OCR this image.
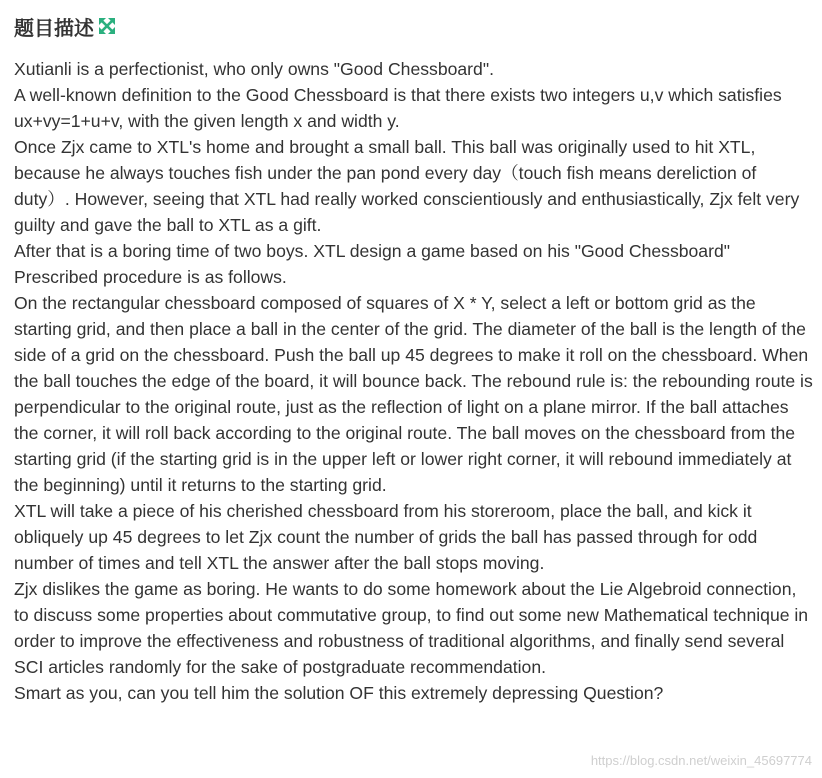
题目描述

Xutianli is a perfectionist, who only owns "Good Chessboard".

A well-known definition to the Good Chessboard is that there exists two integers u,v which satisfies ux+vy=1+u+v, with the given length x and width y.

Once Zjx came to XTL's home and brought a small ball. This ball was originally used to hit XTL, because he always touches fish under the pan pond every day（touch fish means dereliction of duty）. However, seeing that XTL had really worked conscientiously and enthusiastically, Zjx felt very guilty and gave the ball to XTL as a gift.

After that is a boring time of two boys. XTL design a game based on his "Good Chessboard" Prescribed procedure is as follows.

On the rectangular chessboard composed of squares of X * Y, select a left or bottom grid as the starting grid, and then place a ball in the center of the grid. The diameter of the ball is the length of the side of a grid on the chessboard. Push the ball up 45 degrees to make it roll on the chessboard. When the ball touches the edge of the board, it will bounce back. The rebound rule is: the rebounding route is perpendicular to the original route, just as the reflection of light on a plane mirror. If the ball attaches the corner, it will roll back according to the original route. The ball moves on the chessboard from the starting grid (if the starting grid is in the upper left or lower right corner, it will rebound immediately at the beginning) until it returns to the starting grid.

XTL will take a piece of his cherished chessboard from his storeroom, place the ball, and kick it obliquely up 45 degrees to let Zjx count the number of grids the ball has passed through for odd number of times and tell XTL the answer after the ball stops moving.

Zjx dislikes the game as boring. He wants to do some homework about the Lie Algebroid connection, to discuss some properties about commutative group, to find out some new Mathematical technique in order to improve the effectiveness and robustness of traditional algorithms, and finally send several SCI articles randomly for the sake of postgraduate recommendation.

Smart as you, can you tell him the solution OF this extremely depressing Question?

https://blog.csdn.net/weixin_45697774
